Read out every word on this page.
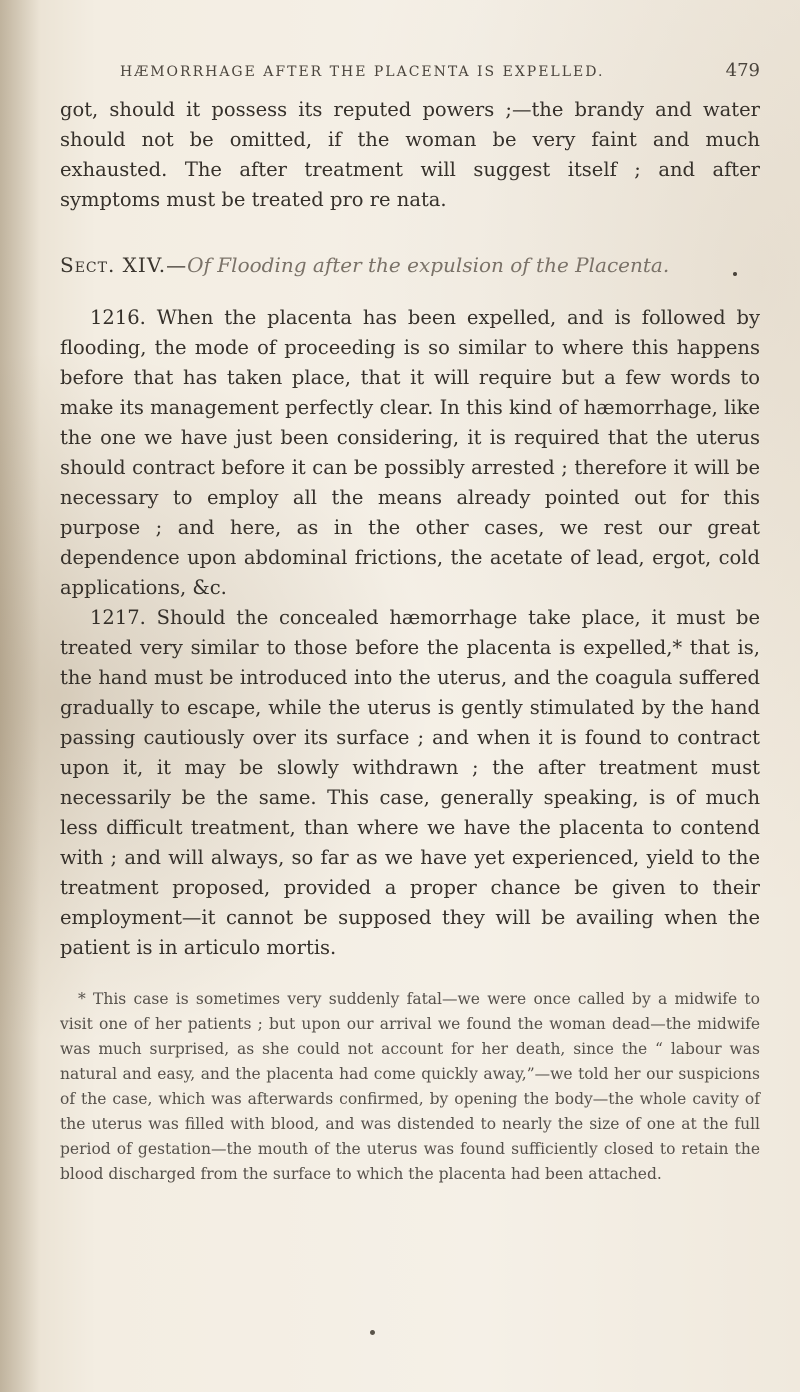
HÆMORRHAGE AFTER THE PLACENTA IS EXPELLED.	479

got, should it possess its reputed powers ;—the brandy and water should not be omitted, if the woman be very faint and much exhausted. The after treatment will suggest itself ; and after symptoms must be treated pro re nata.

Sect. XIV.—Of Flooding after the expulsion of the Placenta.

1216. When the placenta has been expelled, and is followed by flooding, the mode of proceeding is so similar to where this happens before that has taken place, that it will require but a few words to make its management perfectly clear. In this kind of hæmorrhage, like the one we have just been considering, it is required that the uterus should contract before it can be possibly arrested ; therefore it will be necessary to employ all the means already pointed out for this purpose ; and here, as in the other cases, we rest our great dependence upon abdominal frictions, the acetate of lead, ergot, cold applications, &c.

1217. Should the concealed hæmorrhage take place, it must be treated very similar to those before the placenta is expelled,* that is, the hand must be introduced into the uterus, and the coagula suffered gradually to escape, while the uterus is gently stimulated by the hand passing cautiously over its surface ; and when it is found to contract upon it, it may be slowly withdrawn ; the after treatment must necessarily be the same. This case, generally speaking, is of much less difficult treatment, than where we have the placenta to contend with ; and will always, so far as we have yet experienced, yield to the treatment proposed, provided a proper chance be given to their employment—it cannot be supposed they will be availing when the patient is in articulo mortis.

* This case is sometimes very suddenly fatal—we were once called by a midwife to visit one of her patients ; but upon our arrival we found the woman dead—the midwife was much surprised, as she could not account for her death, since the “ labour was natural and easy, and the placenta had come quickly away,”—we told her our suspicions of the case, which was afterwards confirmed, by opening the body—the whole cavity of the uterus was filled with blood, and was distended to nearly the size of one at the full period of gestation—the mouth of the uterus was found sufficiently closed to retain the blood discharged from the surface to which the placenta had been attached.
